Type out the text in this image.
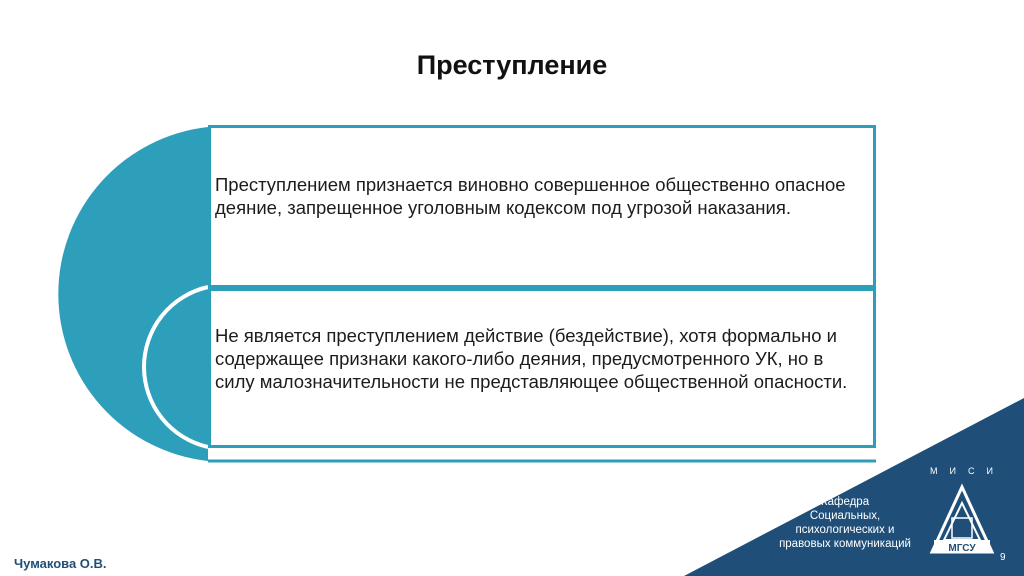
Преступление
МГСУ
МИСИ
Преступлением признается виновно совершенное общественно опасное деяние, запрещенное уголовным кодексом под угрозой наказания.
Не является преступлением действие (бездействие), хотя формально и содержащее признаки какого-либо деяния, предусмотренного УК, но в силу малозначительности не представляющее общественной опасности.
Кафедра
Социальных,
психологических и
правовых коммуникаций
Чумакова О.В.	9
